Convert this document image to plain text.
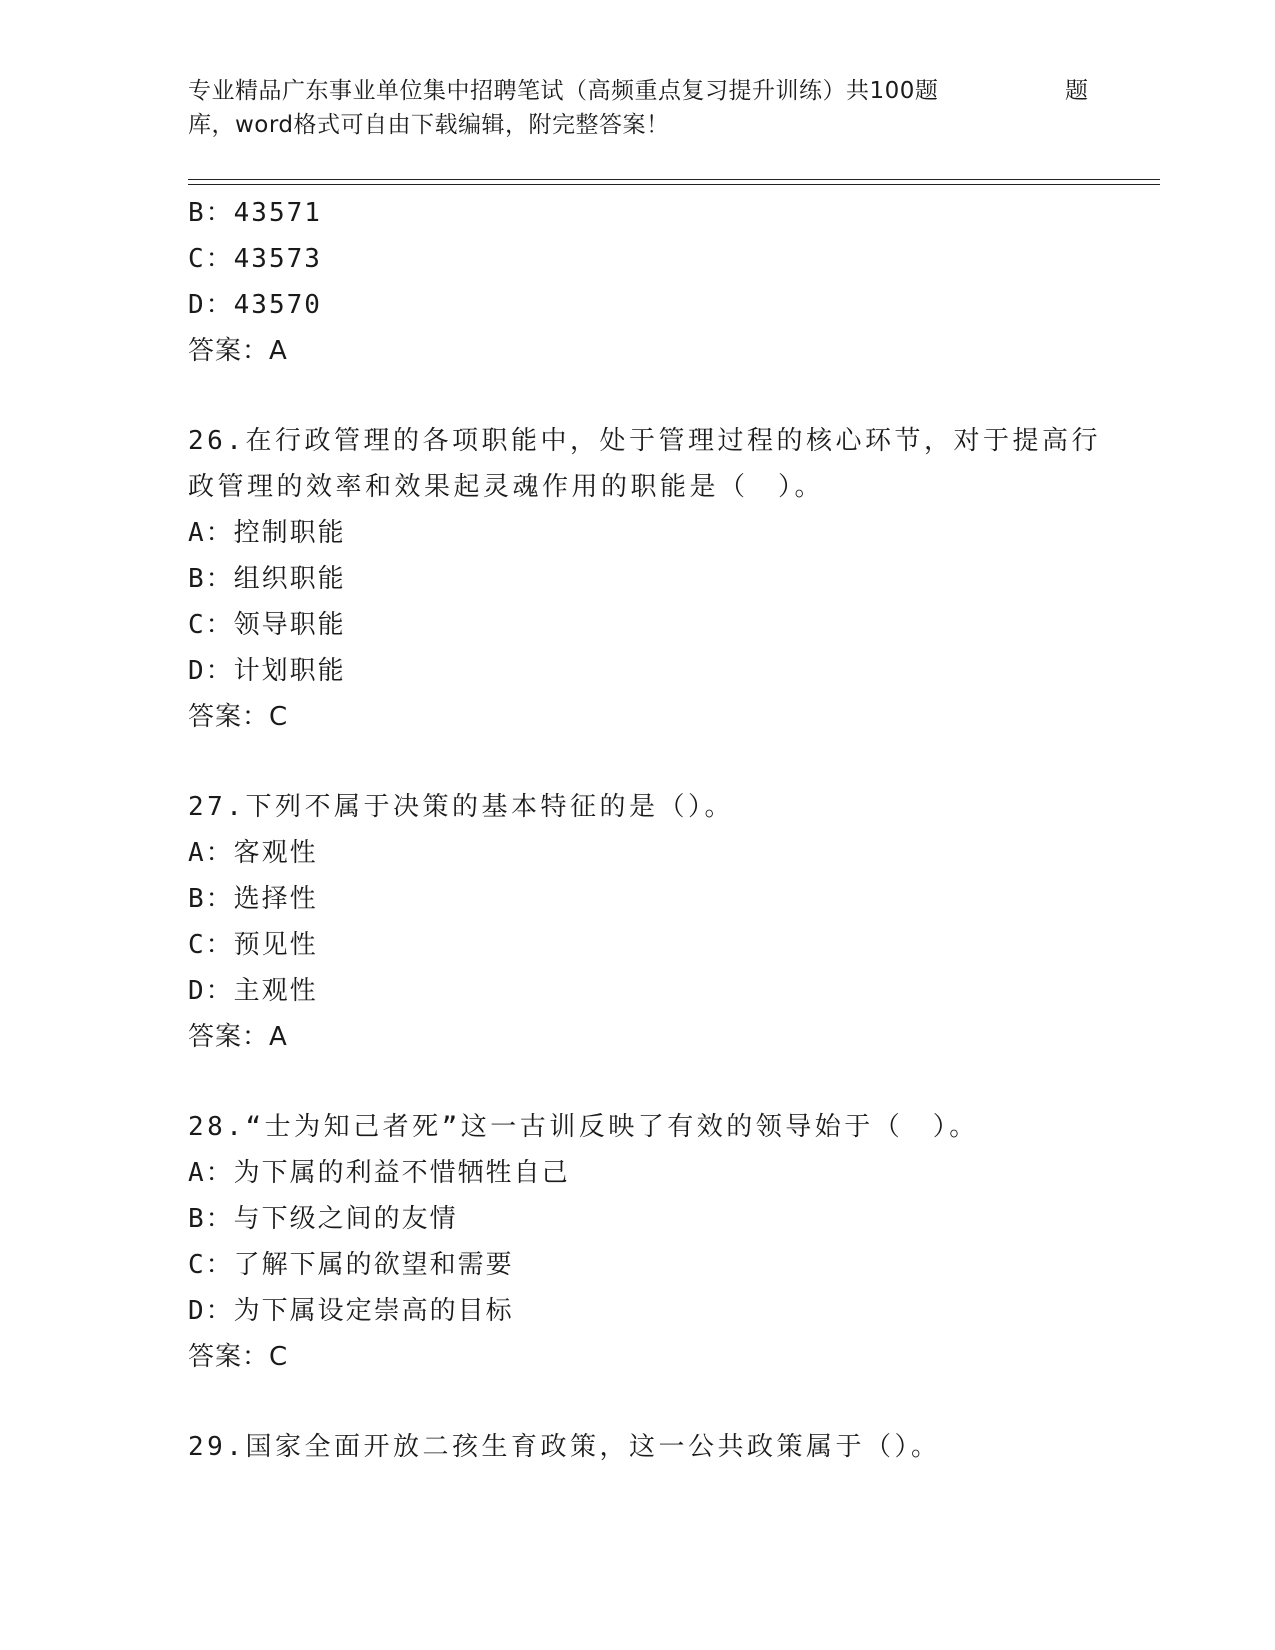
专业精品广东事业单位集中招聘笔试（高频重点复习提升训练）共100题	题
库，word格式可自由下载编辑，附完整答案！
B：43571
C：43573
D：43570
答案：A
26.在行政管理的各项职能中，处于管理过程的核心环节，对于提高行
政管理的效率和效果起灵魂作用的职能是（　）。
A：控制职能
B：组织职能
C：领导职能
D：计划职能
答案：C
27.下列不属于决策的基本特征的是（）。
A：客观性
B：选择性
C：预见性
D：主观性
答案：A
28.“士为知己者死”这一古训反映了有效的领导始于（　）。
A：为下属的利益不惜牺牲自己
B：与下级之间的友情
C：了解下属的欲望和需要
D：为下属设定崇高的目标
答案：C
29.国家全面开放二孩生育政策，这一公共政策属于（）。
